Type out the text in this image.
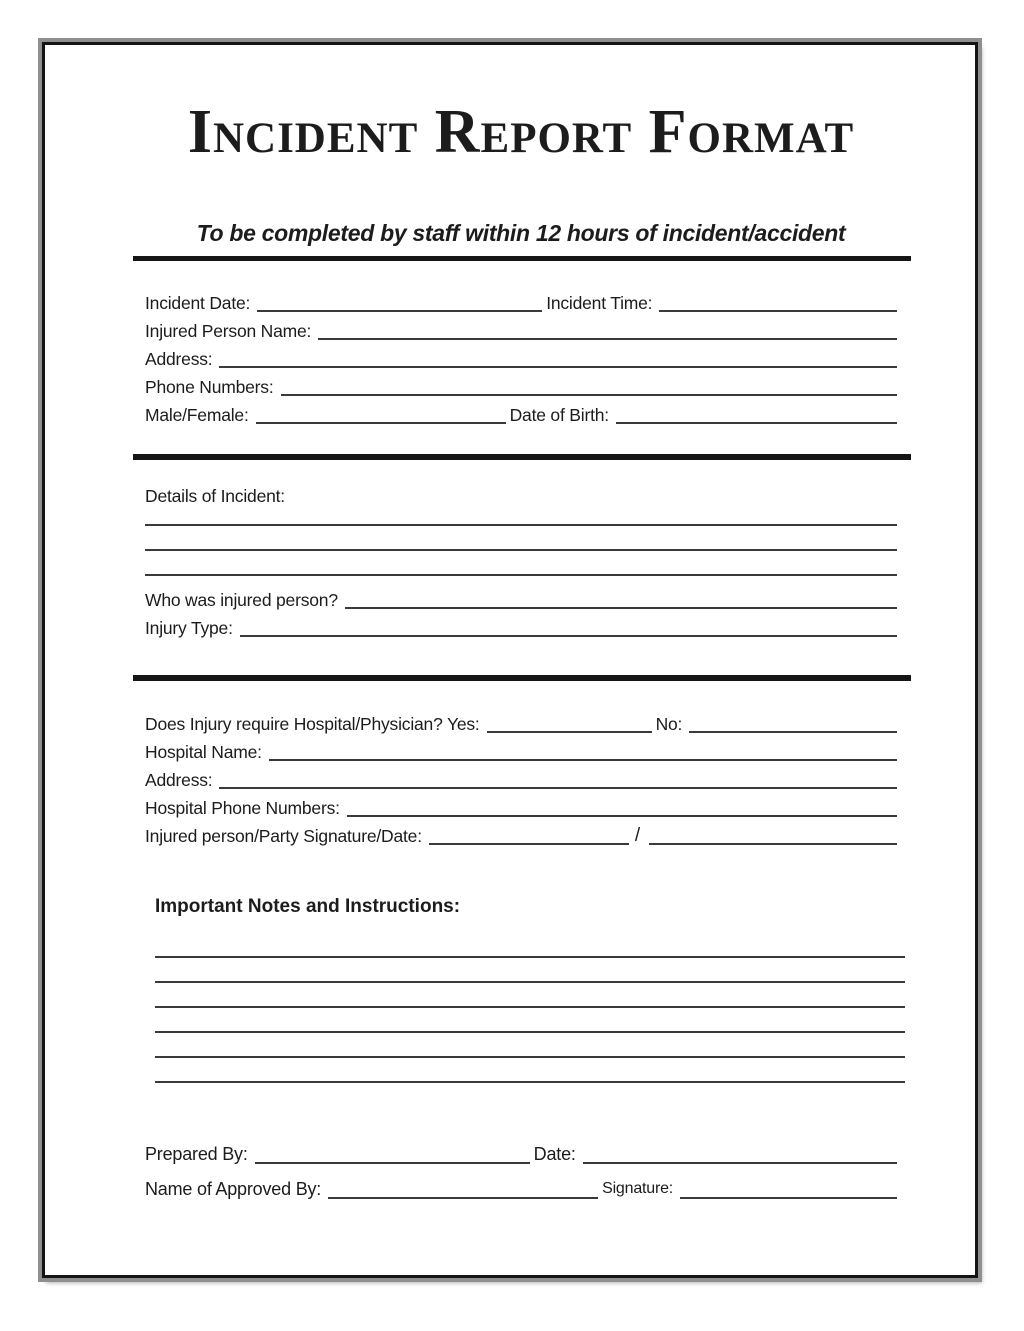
Incident Report Format
To be completed by staff within 12 hours of incident/accident
Incident Date:	Incident Time:
Injured Person Name:
Address:
Phone Numbers:
Male/Female:	Date of Birth:
Details of Incident:
Who was injured person?
Injury Type:
Does Injury require Hospital/Physician? Yes:	No:
Hospital Name:
Address:
Hospital Phone Numbers:
Injured person/Party Signature/Date:	/
Important Notes and Instructions:
Prepared By:	Date:
Name of Approved By:	Signature:
